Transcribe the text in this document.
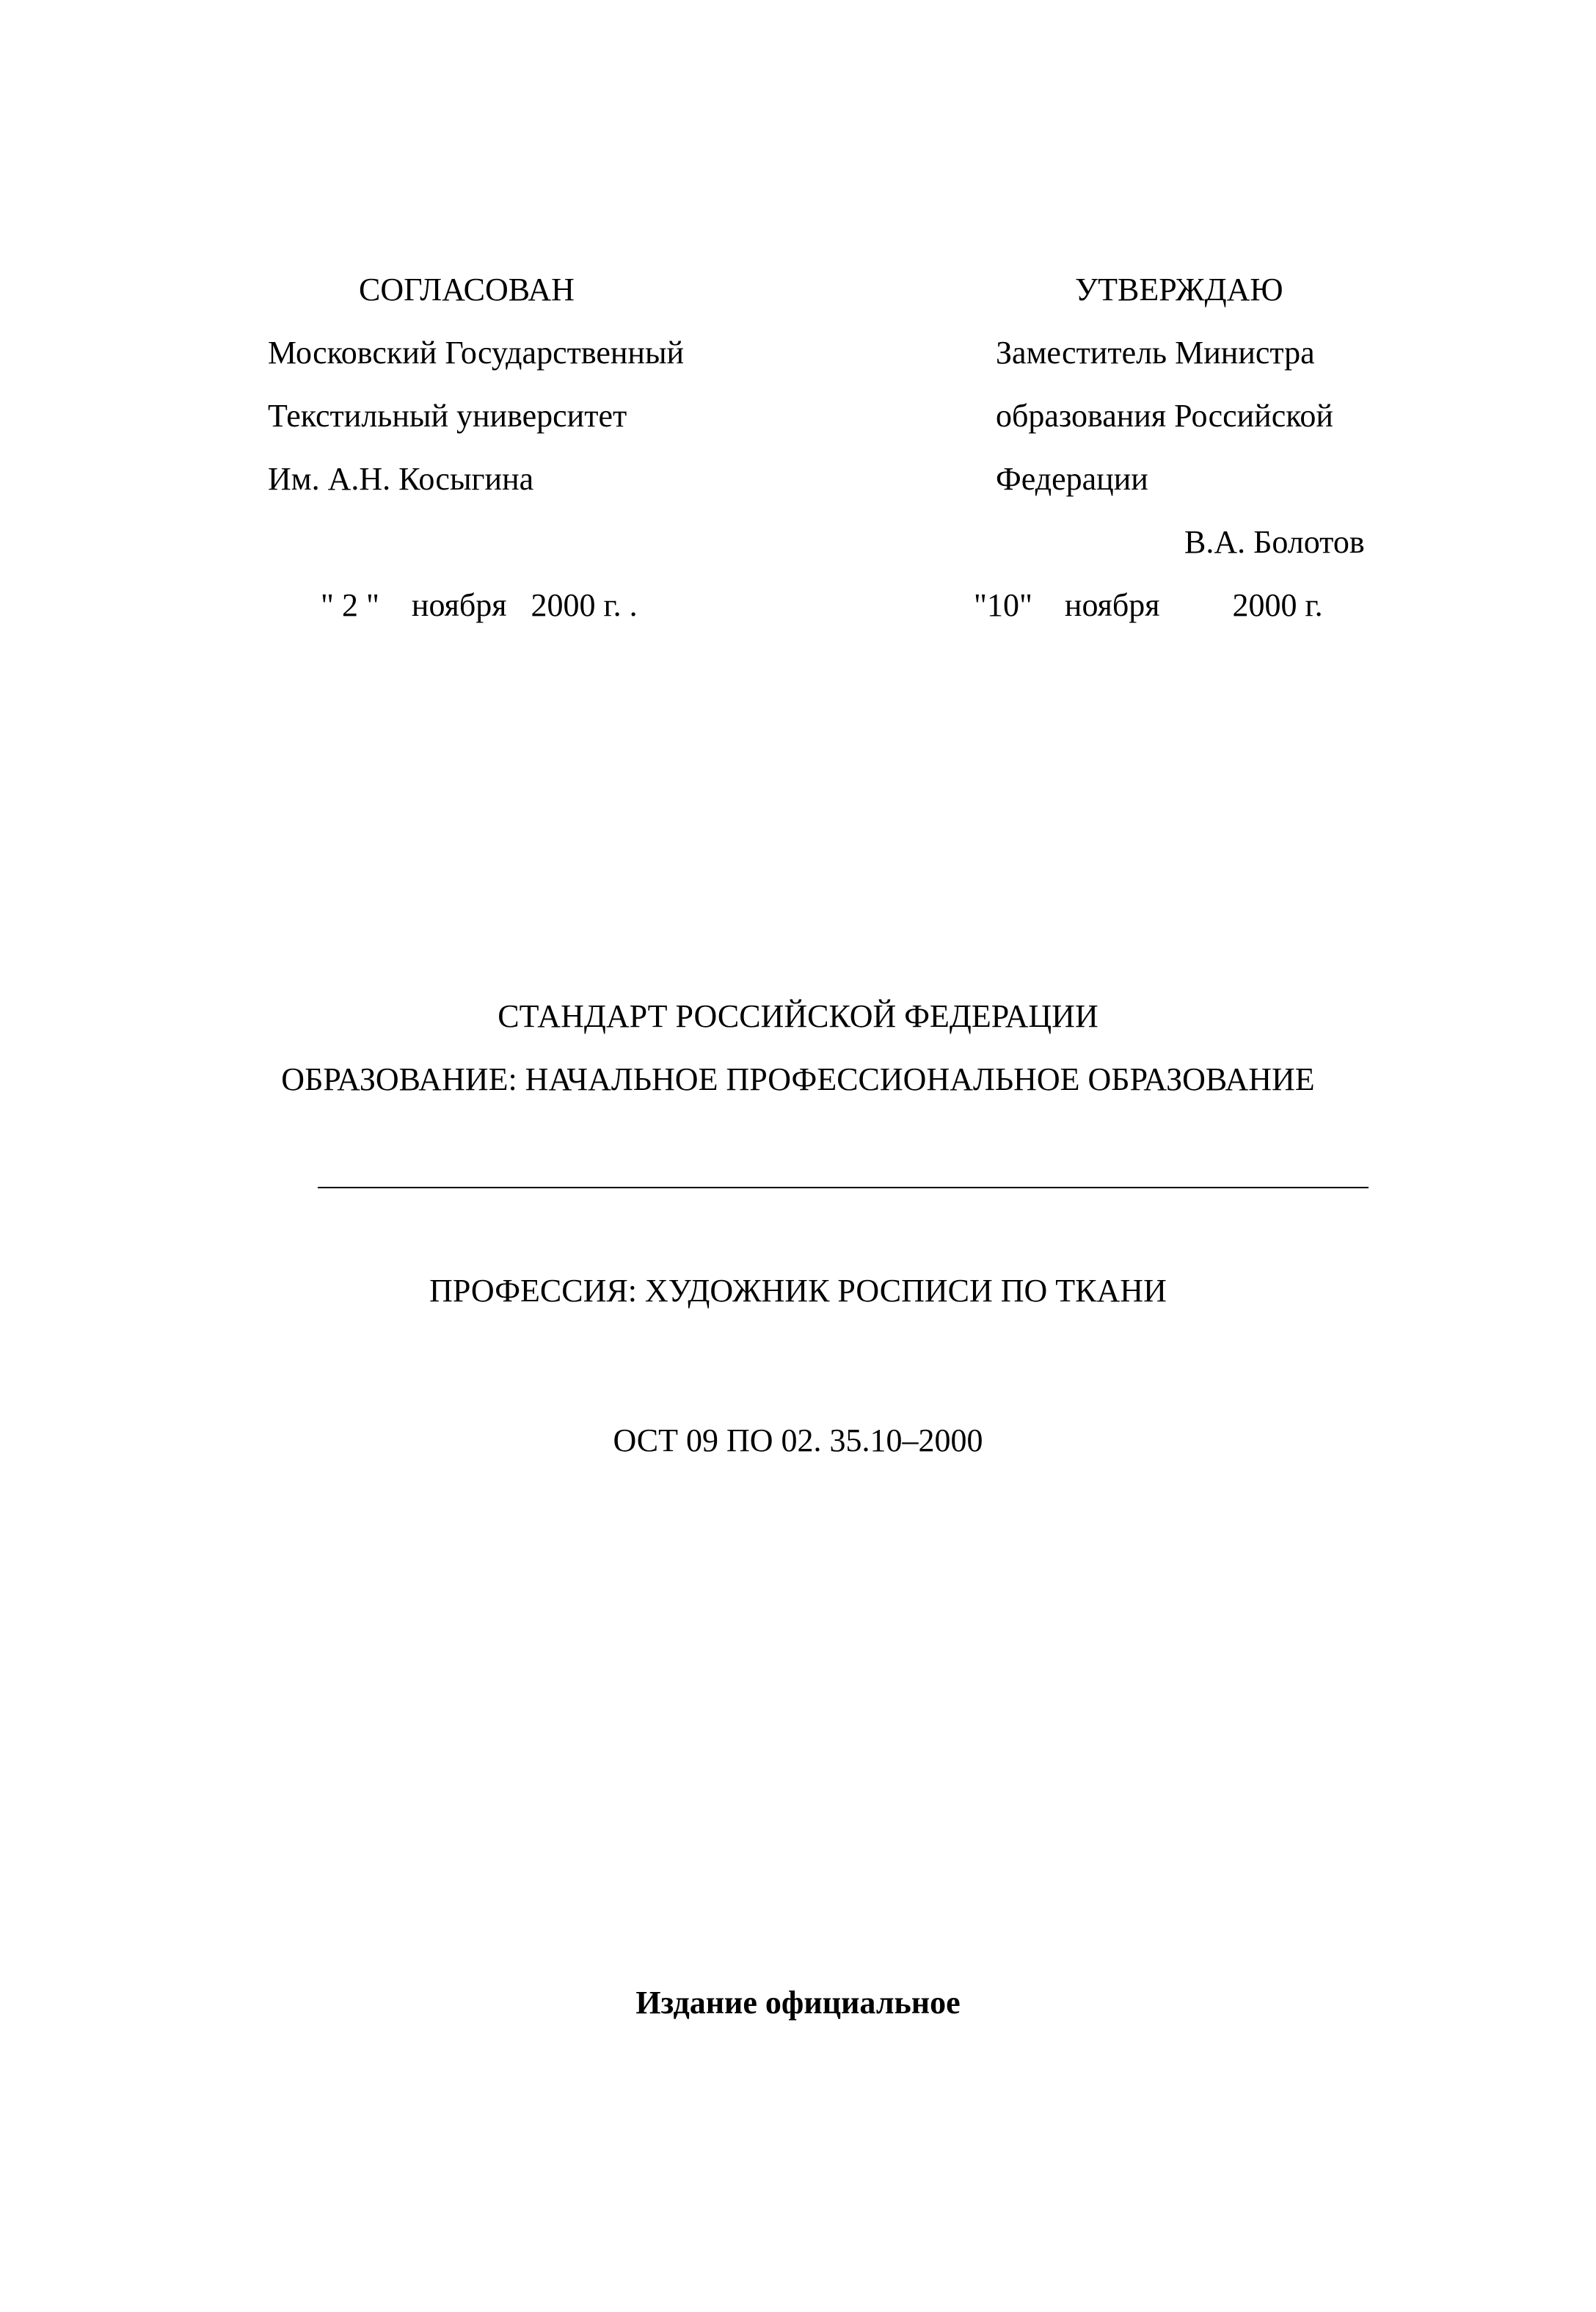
СОГЛАСОВАН

Московский Государственный

Текстильный университет

Им. А.Н. Косыгина

" 2 "    ноября   2000 г. .

УТВЕРЖДАЮ

Заместитель Министра

образования Российской

Федерации

В.А. Болотов

"10"    ноября         2000 г.

СТАНДАРТ РОССИЙСКОЙ ФЕДЕРАЦИИ

ОБРАЗОВАНИЕ: НАЧАЛЬНОЕ ПРОФЕССИОНАЛЬНОЕ ОБРАЗОВАНИЕ

ПРОФЕССИЯ: ХУДОЖНИК РОСПИСИ ПО ТКАНИ

ОСТ 09 ПО 02. 35.10–2000

Издание официальное
